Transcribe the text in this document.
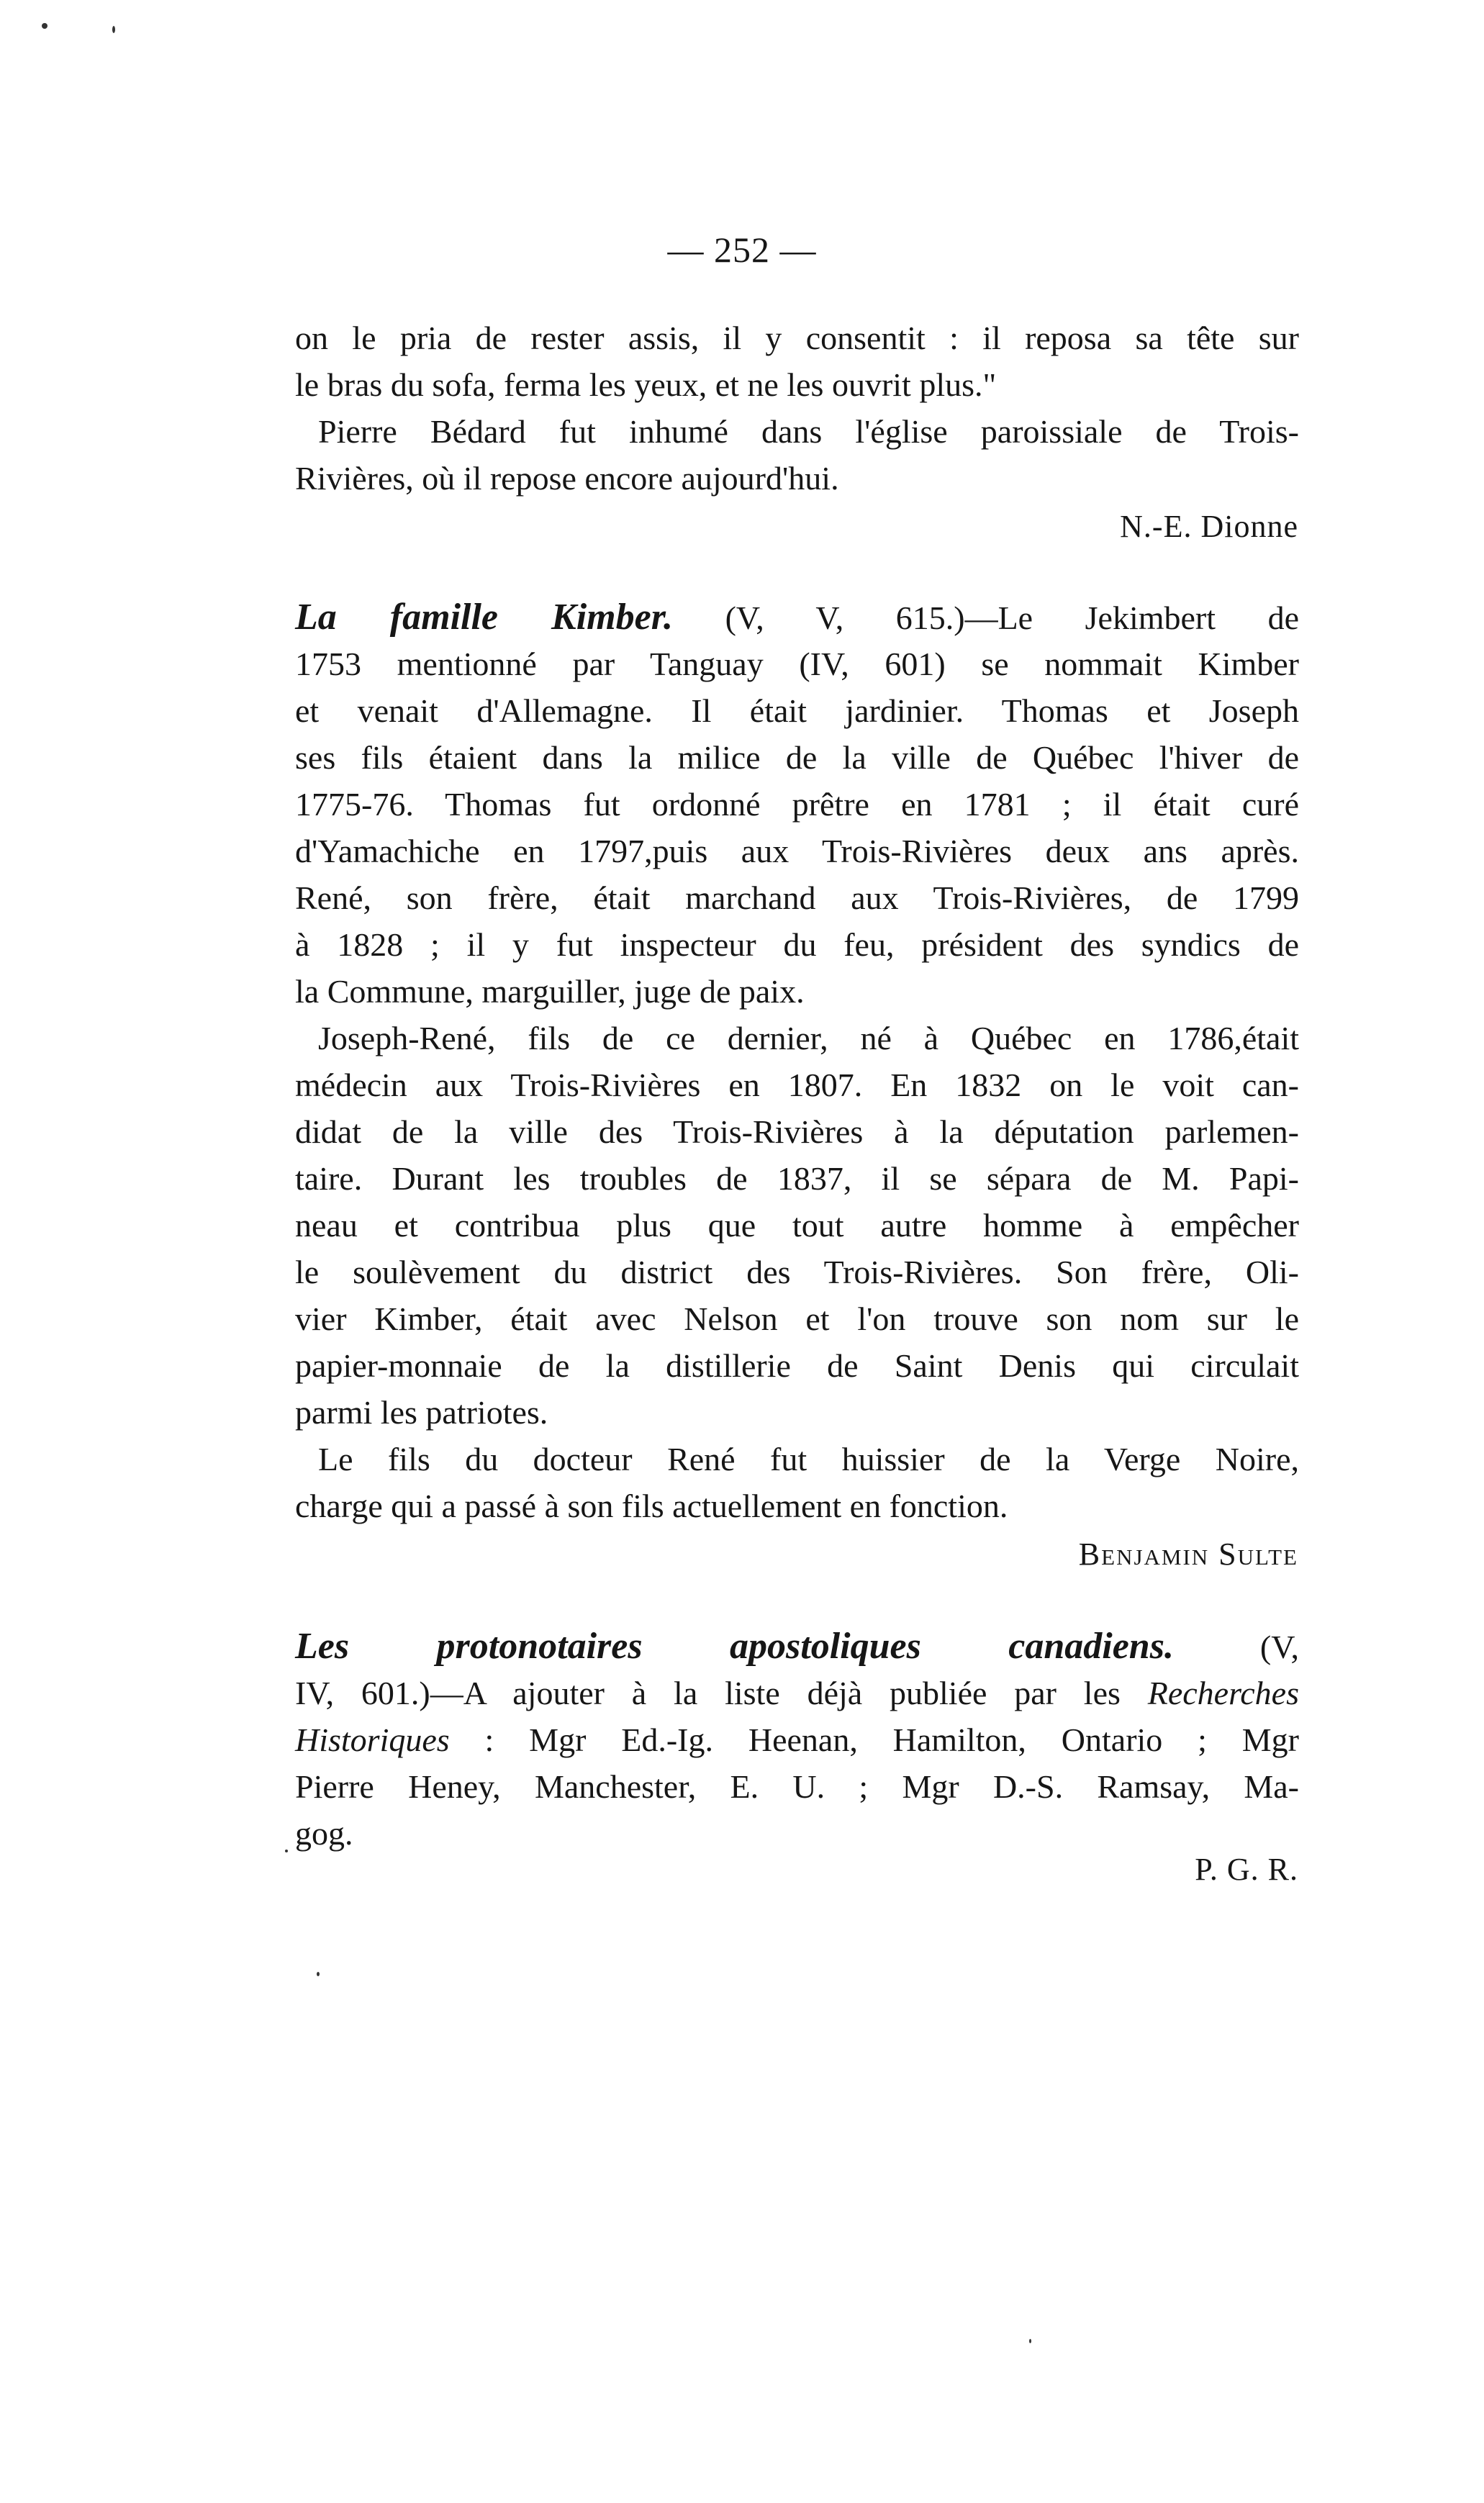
— 252 —
on le pria de rester assis, il y consentit : il reposa sa tête sur
le bras du sofa, ferma les yeux, et ne les ouvrit plus."
Pierre Bédard fut inhumé dans l'église paroissiale de Trois-
Rivières, où il repose encore aujourd'hui.
N.-E. Dionne
La famille Kimber. (V, V, 615.)—Le Jekimbert de
1753 mentionné par Tanguay (IV, 601) se nommait Kimber
et venait d'Allemagne. Il était jardinier. Thomas et Joseph
ses fils étaient dans la milice de la ville de Québec l'hiver de
1775-76. Thomas fut ordonné prêtre en 1781 ; il était curé
d'Yamachiche en 1797,puis aux Trois-Rivières deux ans après.
René, son frère, était marchand aux Trois-Rivières, de 1799
à 1828 ; il y fut inspecteur du feu, président des syndics de
la Commune, marguiller, juge de paix.
Joseph-René, fils de ce dernier, né à Québec en 1786,était
médecin aux Trois-Rivières en 1807. En 1832 on le voit can-
didat de la ville des Trois-Rivières à la députation parlemen-
taire. Durant les troubles de 1837, il se sépara de M. Papi-
neau et contribua plus que tout autre homme à empêcher
le soulèvement du district des Trois-Rivières. Son frère, Oli-
vier Kimber, était avec Nelson et l'on trouve son nom sur le
papier-monnaie de la distillerie de Saint Denis qui circulait
parmi les patriotes.
Le fils du docteur René fut huissier de la Verge Noire,
charge qui a passé à son fils actuellement en fonction.
Benjamin Sulte
Les protonotaires apostoliques canadiens.	(V,
IV, 601.)—A ajouter à la liste déjà publiée par les Recherches
Historiques : Mgr Ed.-Ig. Heenan, Hamilton, Ontario ; Mgr
Pierre Heney, Manchester, E. U. ; Mgr D.-S. Ramsay, Ma-
gog.
P. G. R.
